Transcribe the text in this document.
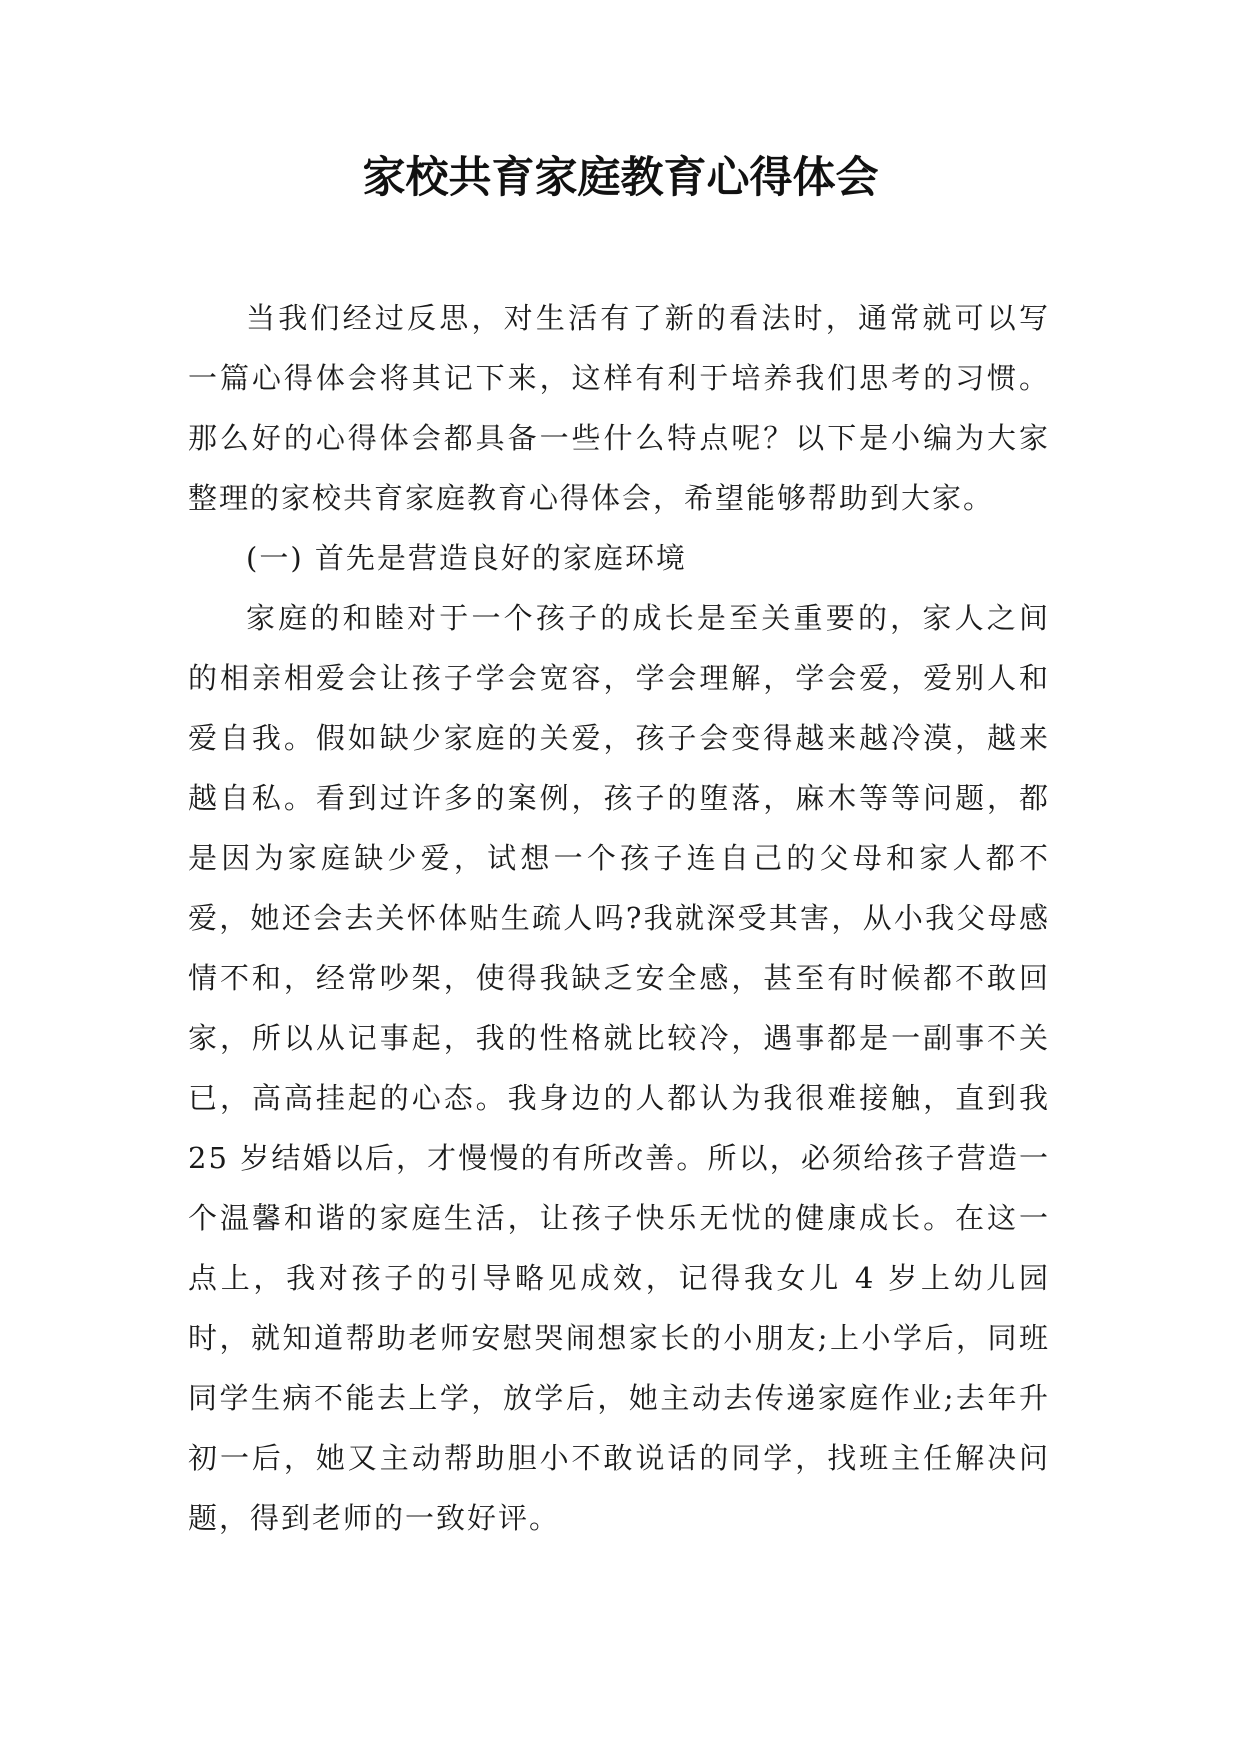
家校共育家庭教育心得体会

当我们经过反思，对生活有了新的看法时，通常就可以写一篇心得体会将其记下来，这样有利于培养我们思考的习惯。那么好的心得体会都具备一些什么特点呢？以下是小编为大家整理的家校共育家庭教育心得体会，希望能够帮助到大家。

(一) 首先是营造良好的家庭环境

家庭的和睦对于一个孩子的成长是至关重要的，家人之间的相亲相爱会让孩子学会宽容，学会理解，学会爱，爱别人和爱自我。假如缺少家庭的关爱，孩子会变得越来越冷漠，越来越自私。看到过许多的案例，孩子的堕落，麻木等等问题，都是因为家庭缺少爱，试想一个孩子连自己的父母和家人都不爱，她还会去关怀体贴生疏人吗?我就深受其害，从小我父母感情不和，经常吵架，使得我缺乏安全感，甚至有时候都不敢回家，所以从记事起，我的性格就比较冷，遇事都是一副事不关已，高高挂起的心态。我身边的人都认为我很难接触，直到我 25 岁结婚以后，才慢慢的有所改善。所以，必须给孩子营造一个温馨和谐的家庭生活，让孩子快乐无忧的健康成长。在这一点上，我对孩子的引导略见成效，记得我女儿 4 岁上幼儿园时，就知道帮助老师安慰哭闹想家长的小朋友;上小学后，同班同学生病不能去上学，放学后，她主动去传递家庭作业;去年升初一后，她又主动帮助胆小不敢说话的同学，找班主任解决问题，得到老师的一致好评。
